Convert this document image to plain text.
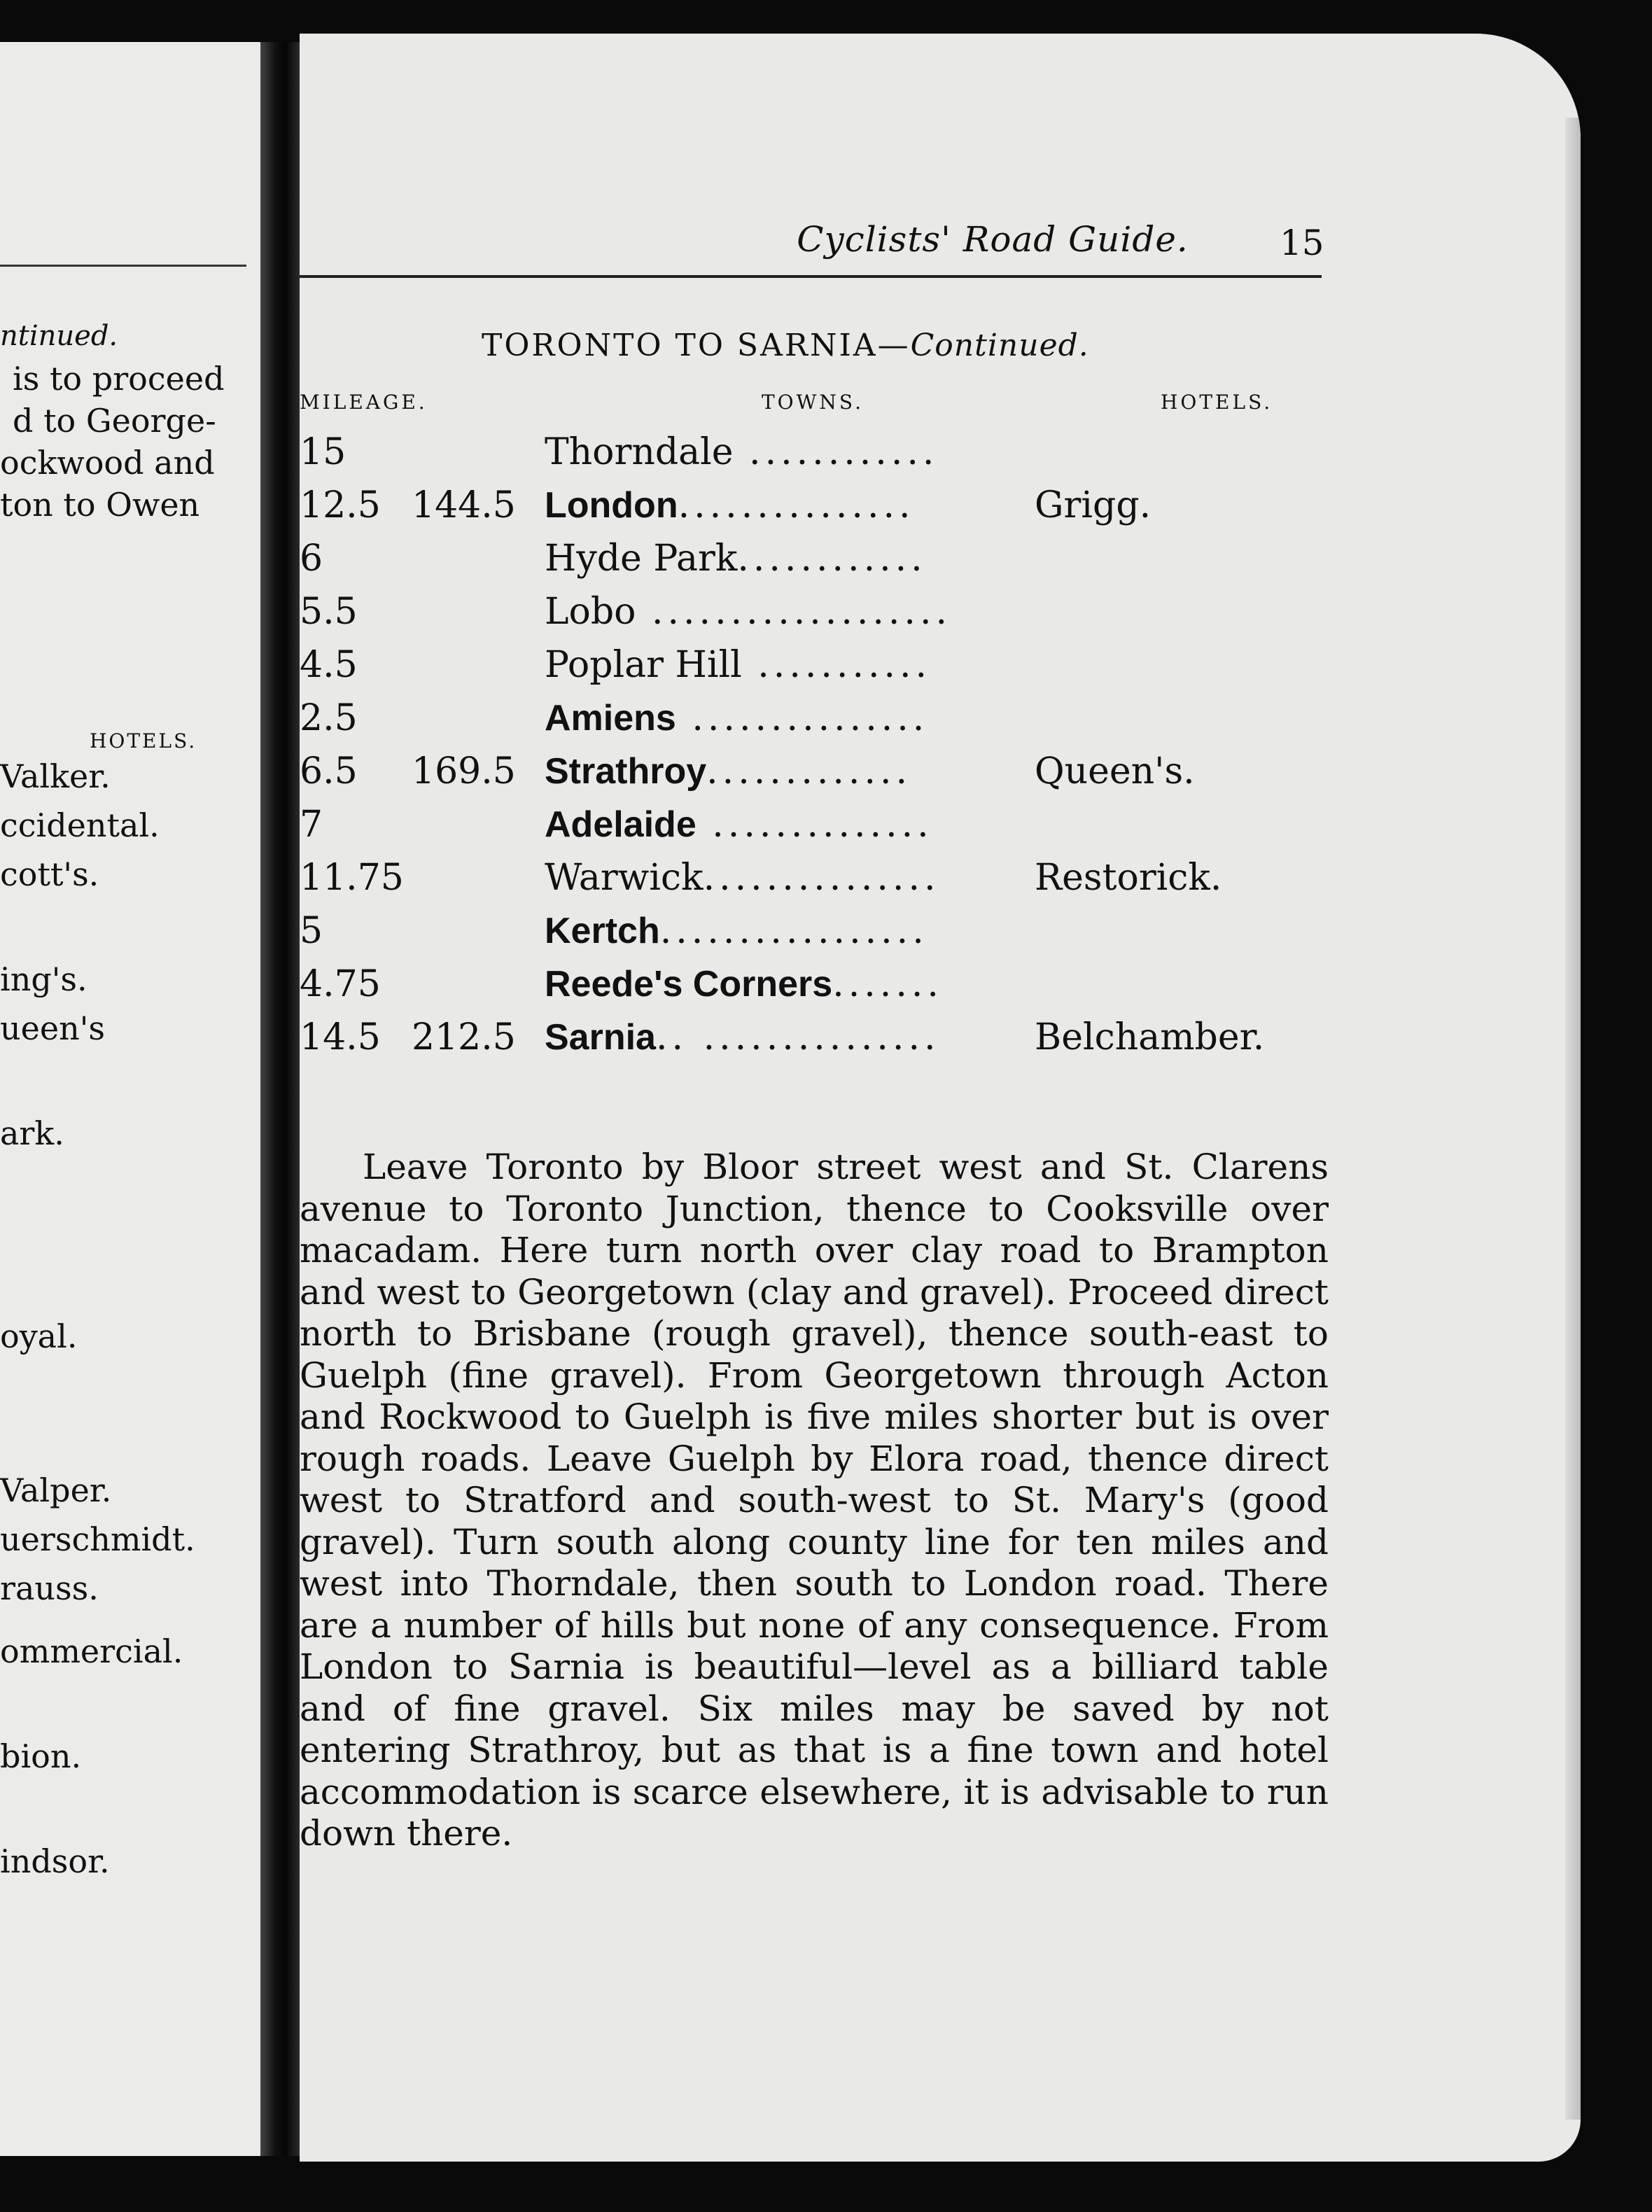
ntinued.
is to proceed
d to George-
ockwood and
ton to Owen
HOTELS.
Valker.
ccidental.
cott's.
ing's.
ueen's
ark.
oyal.
Valper.
uerschmidt.
rauss.
ommercial.
bion.
indsor.
Cyclists' Road Guide.	15
TORONTO TO SARNIA—Continued.
MILEAGE.	TOWNS.	HOTELS.
15	Thorndale ............
12.5 144.5 London...............	Grigg.
6	Hyde Park............
5.5	Lobo ...................
4.5	Poplar Hill ...........
2.5	Amiens ...............
6.5 169.5 Strathroy.............	Queen's.
7	Adelaide ..............
11.75	Warwick...............	Restorick.
5	Kertch.................
4.75	Reede's Corners.......
14.5 212.5 Sarnia.. ...............	Belchamber.
Leave Toronto by Bloor street west and St. Clarens avenue to Toronto Junction, thence to Cooksville over macadam. Here turn north over clay road to Brampton and west to Georgetown (clay and gravel). Proceed direct north to Brisbane (rough gravel), thence south-east to Guelph (fine gravel). From Georgetown through Acton and Rockwood to Guelph is five miles shorter but is over rough roads. Leave Guelph by Elora road, thence direct west to Stratford and south-west to St. Mary's (good gravel). Turn south along county line for ten miles and west into Thorndale, then south to London road. There are a number of hills but none of any consequence. From London to Sarnia is beautiful—level as a billiard table and of fine gravel. Six miles may be saved by not entering Strathroy, but as that is a fine town and hotel accommodation is scarce elsewhere, it is advisable to run down there.
